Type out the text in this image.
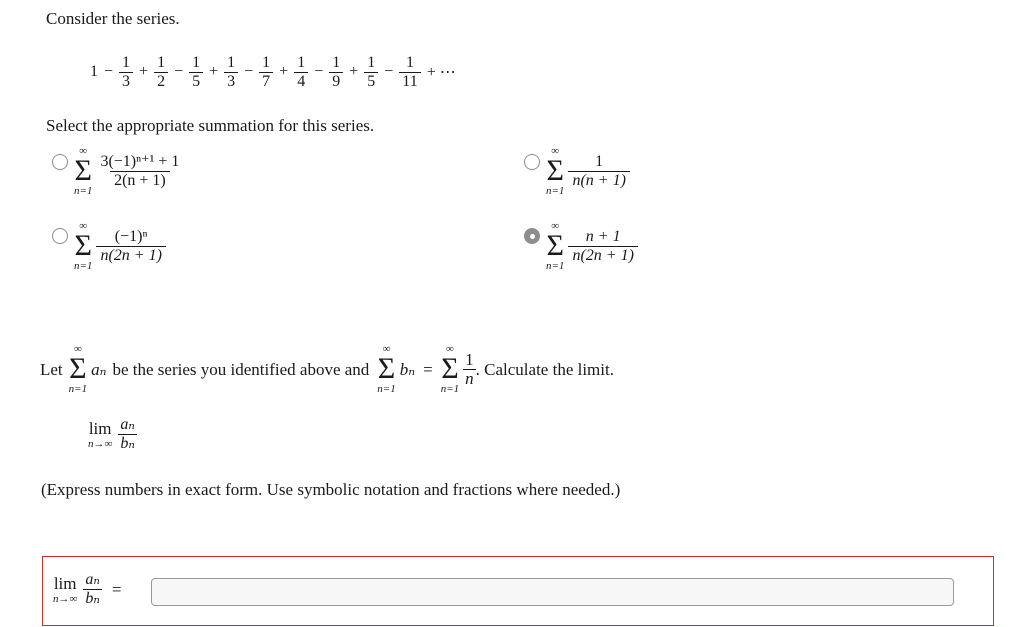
Consider the series.
$1 - \frac{1}{3} + \frac{1}{2} - \frac{1}{5} + \frac{1}{3} - \frac{1}{7} + \frac{1}{4} - \frac{1}{9} + \frac{1}{5} - \frac{1}{11}$ + ⋯
Select the appropriate summation for this series.
∞
Σ
n=1
$\frac{\text{3(−1)ⁿ⁺¹ + 1}}{2(n + 1)}$
∞
Σ
n=1
$\frac{1}{n(n + 1)}$
∞
Σ
n=1
$\frac{\text{(−1)ⁿ}}{n(2n + 1)}$
∞
Σ
n=1
$\frac{n + 1}{n(2n + 1)}$
Let
∞
Σ
n=1
aₙ be the series you identified above and
∞
Σ
n=1
bₙ =
∞
Σ
n=1
$\frac{1}{n}$ . Calculate the limit.
lim
$n\to\infty \frac{\text{aₙ}}{\text{bₙ}}$
(Express numbers in exact form. Use symbolic notation and fractions where needed.)
lim
$n\to\infty \frac{\text{aₙ}}{\text{bₙ}}$ =
